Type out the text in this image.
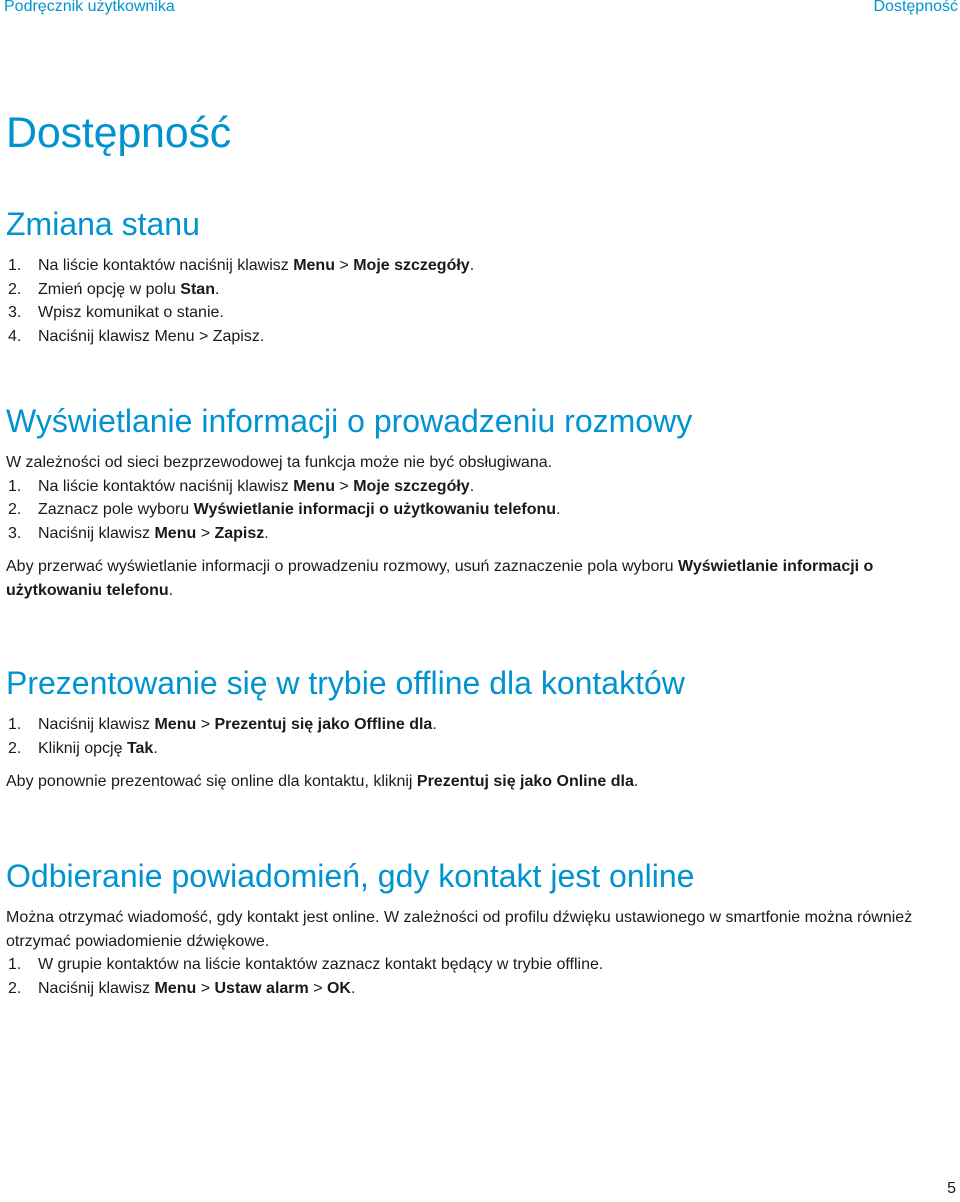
Podręcznik użytkownika	Dostępność
Dostępność
Zmiana stanu
1. Na liście kontaktów naciśnij klawisz Menu > Moje szczegóły.
2. Zmień opcję w polu Stan.
3. Wpisz komunikat o stanie.
4. Naciśnij klawisz Menu > Zapisz.
Wyświetlanie informacji o prowadzeniu rozmowy

W zależności od sieci bezprzewodowej ta funkcja może nie być obsługiwana.

1. Na liście kontaktów naciśnij klawisz Menu > Moje szczegóły.
2. Zaznacz pole wyboru Wyświetlanie informacji o użytkowaniu telefonu.
3. Naciśnij klawisz Menu > Zapisz.

Aby przerwać wyświetlanie informacji o prowadzeniu rozmowy, usuń zaznaczenie pola wyboru Wyświetlanie informacji o użytkowaniu telefonu.

Prezentowanie się w trybie offline dla kontaktów
1. Naciśnij klawisz Menu > Prezentuj się jako Offline dla.
2. Kliknij opcję Tak.

Aby ponownie prezentować się online dla kontaktu, kliknij Prezentuj się jako Online dla.

Odbieranie powiadomień, gdy kontakt jest online

Można otrzymać wiadomość, gdy kontakt jest online. W zależności od profilu dźwięku ustawionego w smartfonie można również otrzymać powiadomienie dźwiękowe.

1. W grupie kontaktów na liście kontaktów zaznacz kontakt będący w trybie offline.
2. Naciśnij klawisz Menu > Ustaw alarm > OK.
5
